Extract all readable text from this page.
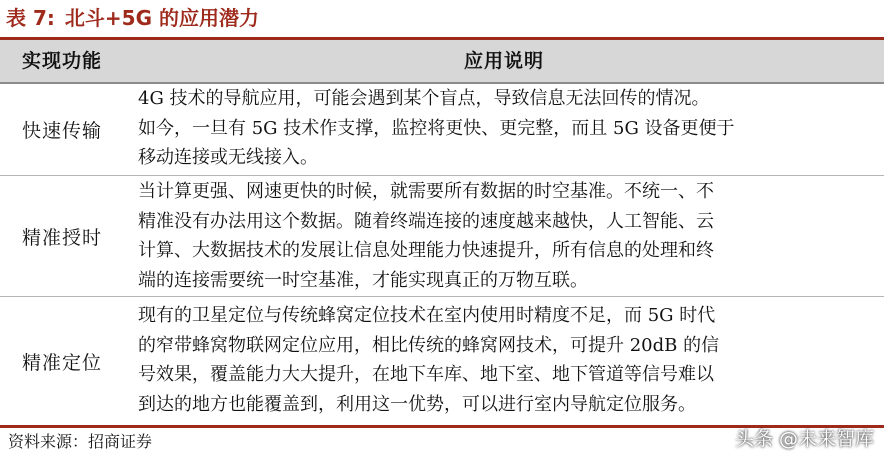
表 7: 北斗+5G 的应用潜力
实现功能	应用说明
快速传输
4G 技术的导航应用，可能会遇到某个盲点，导致信息无法回传的情况。
如今，一旦有 5G 技术作支撑，监控将更快、更完整，而且 5G 设备更便于
移动连接或无线接入。
精准授时
当计算更强、网速更快的时候，就需要所有数据的时空基准。不统一、不
精准没有办法用这个数据。随着终端连接的速度越来越快，人工智能、云
计算、大数据技术的发展让信息处理能力快速提升，所有信息的处理和终
端的连接需要统一时空基准，才能实现真正的万物互联。
精准定位
现有的卫星定位与传统蜂窝定位技术在室内使用时精度不足，而 5G 时代
的窄带蜂窝物联网定位应用，相比传统的蜂窝网技术，可提升 20dB 的信
号效果，覆盖能力大大提升，在地下车库、地下室、地下管道等信号难以
到达的地方也能覆盖到，利用这一优势，可以进行室内导航定位服务。
资料来源：招商证券	头条 @未来智库
